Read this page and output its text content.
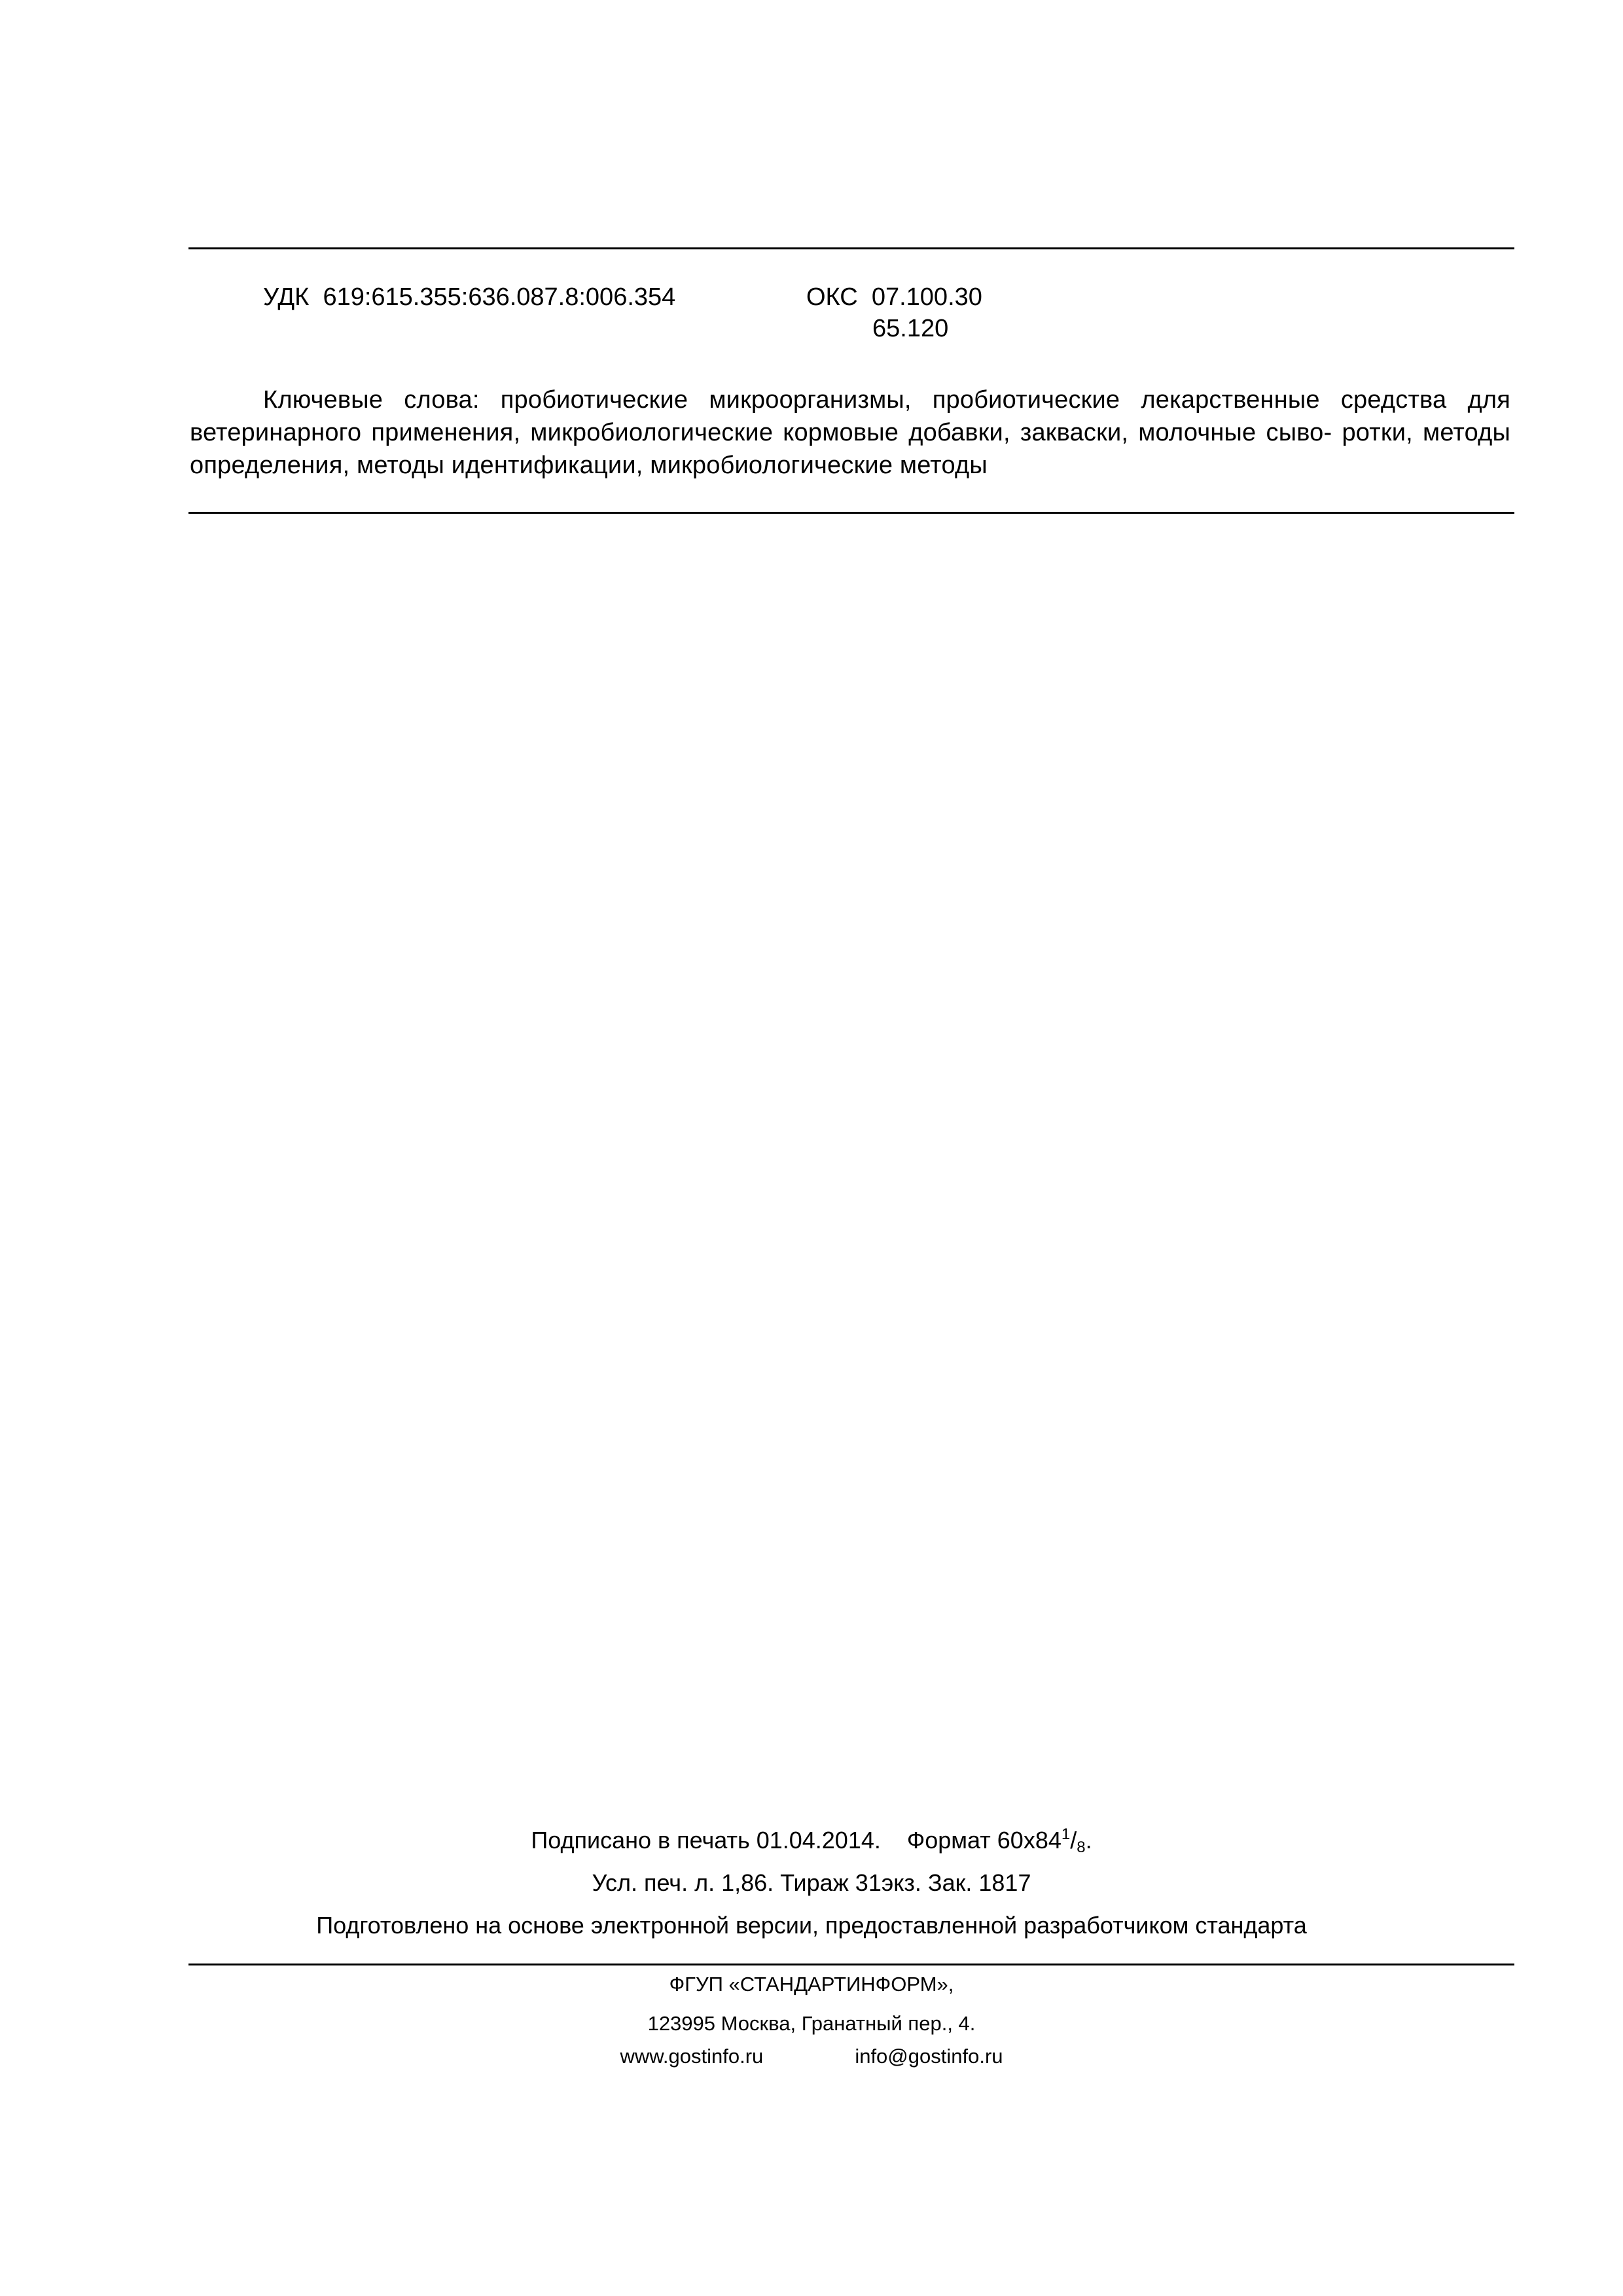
УДК 619:615.355:636.087.8:006.354	ОКС 07.100.30
65.120
Ключевые слова: пробиотические микроорганизмы, пробиотические лекарственные средства для ветеринарного применения, микробиологические кормовые добавки, закваски, молочные сыво- ротки, методы определения, методы идентификации, микробиологические методы
Подписано в печать 01.04.2014. Формат $60х84^1/8$.
Усл. печ. л. 1,86. Тираж 31экз. Зак. 1817
Подготовлено на основе электронной версии, предоставленной разработчиком стандарта
ФГУП «СТАНДАРТИНФОРМ»,
123995 Москва, Гранатный пер., 4.
www.gostinfo.ru	info@gostinfo.ru
